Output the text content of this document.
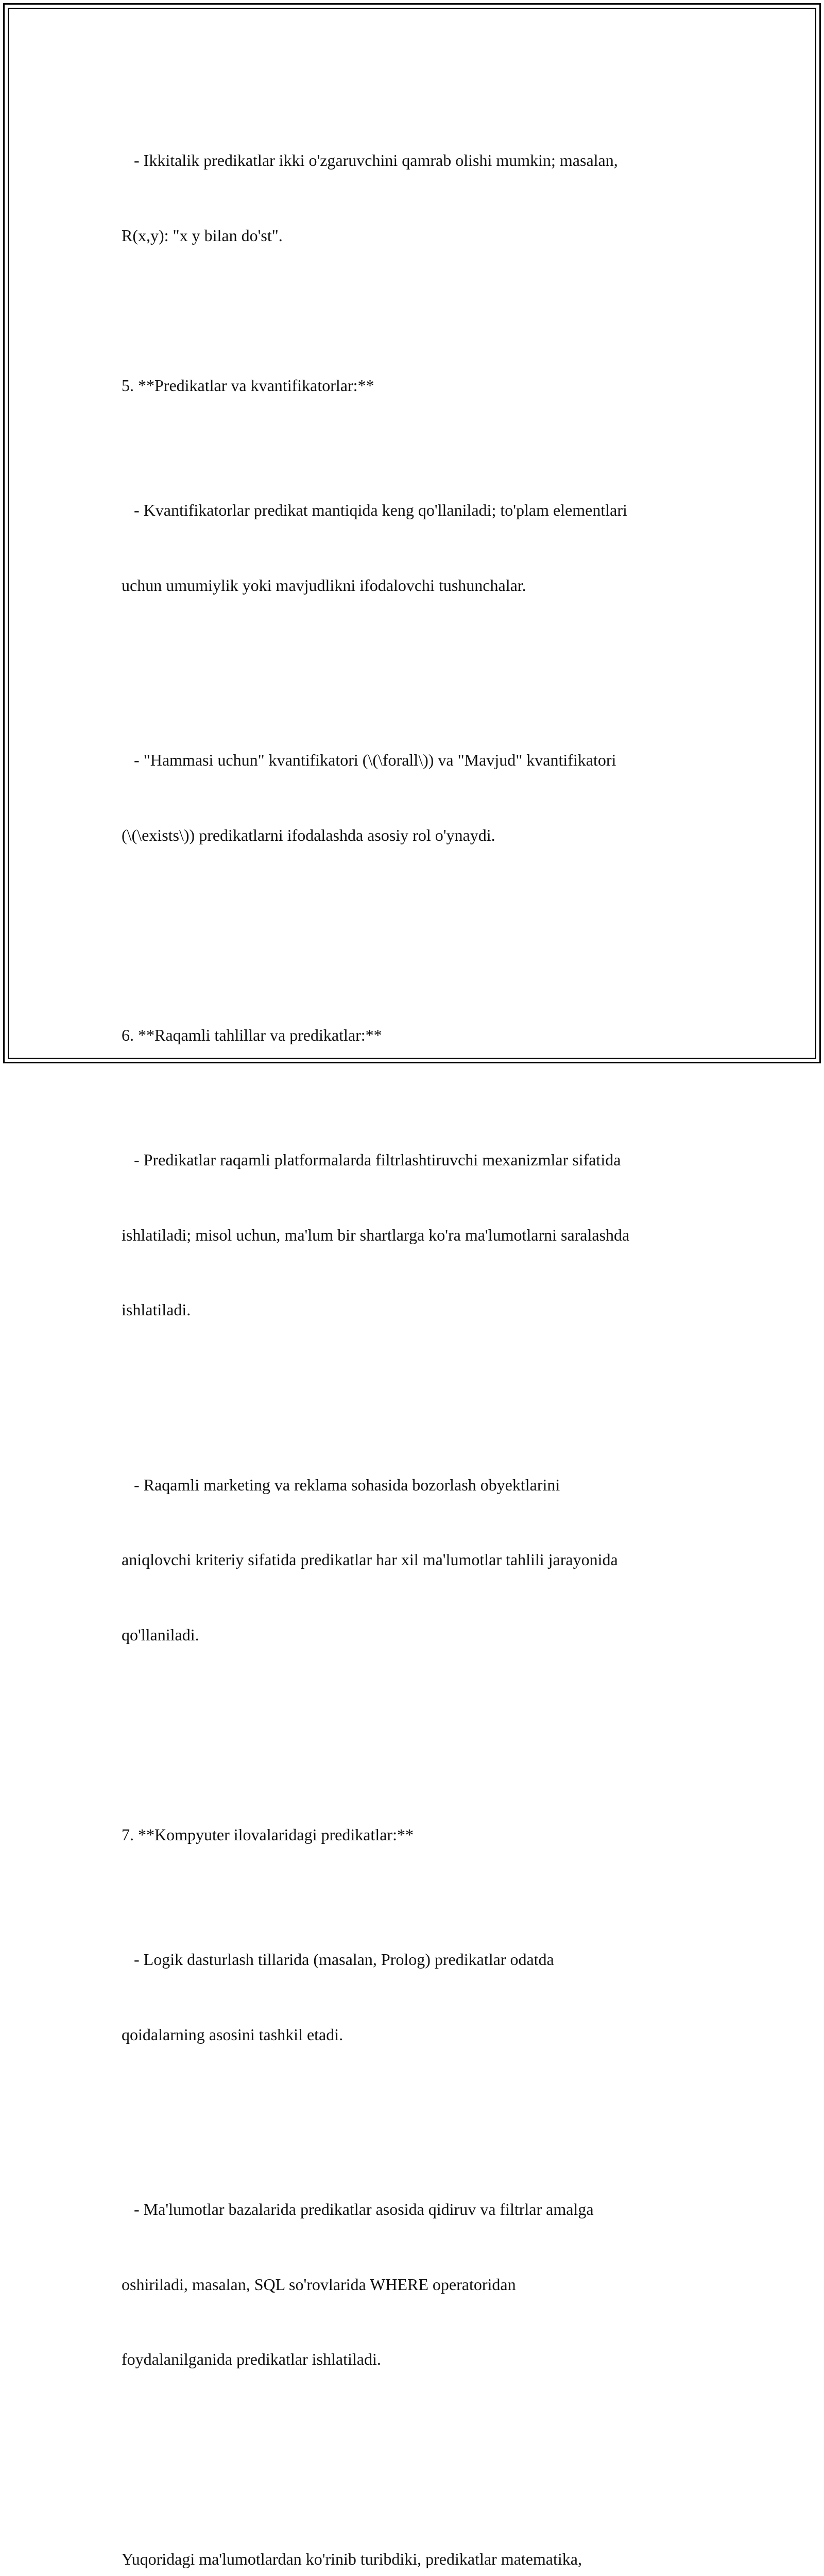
- Ikkitalik predikatlar ikki o'zgaruvchini qamrab olishi mumkin; masalan,

R(x,y): "x y bilan do'st".

5. **Predikatlar va kvantifikatorlar:**

- Kvantifikatorlar predikat mantiqida keng qo'llaniladi; to'plam elementlari

uchun umumiylik yoki mavjudlikni ifodalovchi tushunchalar.

- "Hammasi uchun" kvantifikatori (\(\forall\)) va "Mavjud" kvantifikatori

(\(\exists\)) predikatlarni ifodalashda asosiy rol o'ynaydi.

6. **Raqamli tahlillar va predikatlar:**

- Predikatlar raqamli platformalarda filtrlashtiruvchi mexanizmlar sifatida

ishlatiladi; misol uchun, ma'lum bir shartlarga ko'ra ma'lumotlarni saralashda

ishlatiladi.

- Raqamli marketing va reklama sohasida bozorlash obyektlarini

aniqlovchi kriteriy sifatida predikatlar har xil ma'lumotlar tahlili jarayonida

qo'llaniladi.

7. **Kompyuter ilovalaridagi predikatlar:**

- Logik dasturlash tillarida (masalan, Prolog) predikatlar odatda

qoidalarning asosini tashkil etadi.

- Ma'lumotlar bazalarida predikatlar asosida qidiruv va filtrlar amalga

oshiriladi, masalan, SQL so'rovlarida WHERE operatoridan

foydalanilganida predikatlar ishlatiladi.

Yuqoridagi ma'lumotlardan ko'rinib turibdiki, predikatlar matematika,
